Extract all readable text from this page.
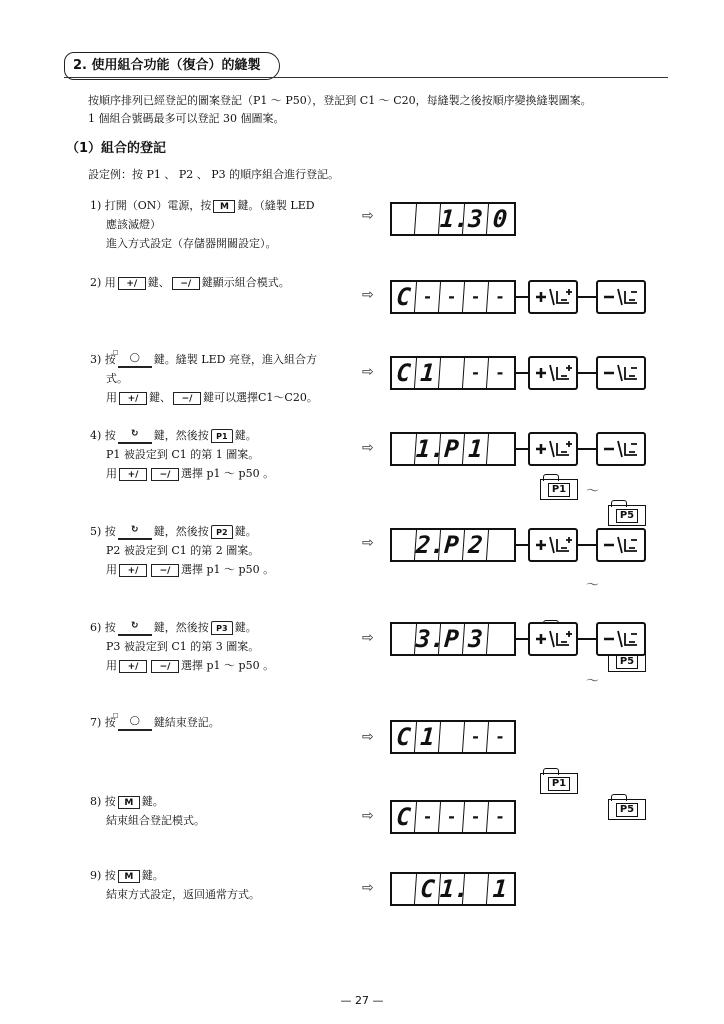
2. 使用組合功能（復合）的縫製
按順序排列已經登記的圖案登記（P1 ～ P50），登記到 C1 ～ C20，每縫製之後按順序變換縫製圖案。
1 個組合號碼最多可以登記 30 個圖案。
（1）組合的登記
設定例：按 P1 、 P2 、 P3 的順序組合進行登記。
1) 打開（ON）電源，按 M 鍵。（縫製 LED
應該滅燈）
進入方式設定（存儲器開關設定）。
⇨	1.
3 0
2) 用 +/ 鍵、 −/ 鍵顯示組合模式。
⇨ C - - - -
3) 按
□
◯ 鍵。縫製 LED 亮登，進入組合方
式。
用 +/ 鍵、 −/ 鍵可以選擇C1～C20。
⇨ C 1	- -
4) 按 ↻ 鍵，然後按 P1 鍵。
P1 被設定到 C1 的第 1 圖案。
用 +/ −/ 選擇 p1 ～ p50 。
⇨ 1.
P 1
P1	～
P5
5) 按 ↻ 鍵，然後按 P2 鍵。
P2 被設定到 C1 的第 2 圖案。
用 +/ −/ 選擇 p1 ～ p50 。
⇨ 2.
P 2
～
P5
6) 按 ↻ 鍵，然後按 P3 鍵。
P3 被設定到 C1 的第 3 圖案。
用 +/ −/ 選擇 p1 ～ p50 。
⇨ 3.
P 3
P1
～
P5
7) 按
□
◯ 鍵結束登記。
⇨ C 1	- -
8) 按 M 鍵。
結束組合登記模式。	⇨ C - - - -
9) 按 M 鍵。
結束方式設定，返回通常方式。	⇨ C 1. 1
— 27 —
